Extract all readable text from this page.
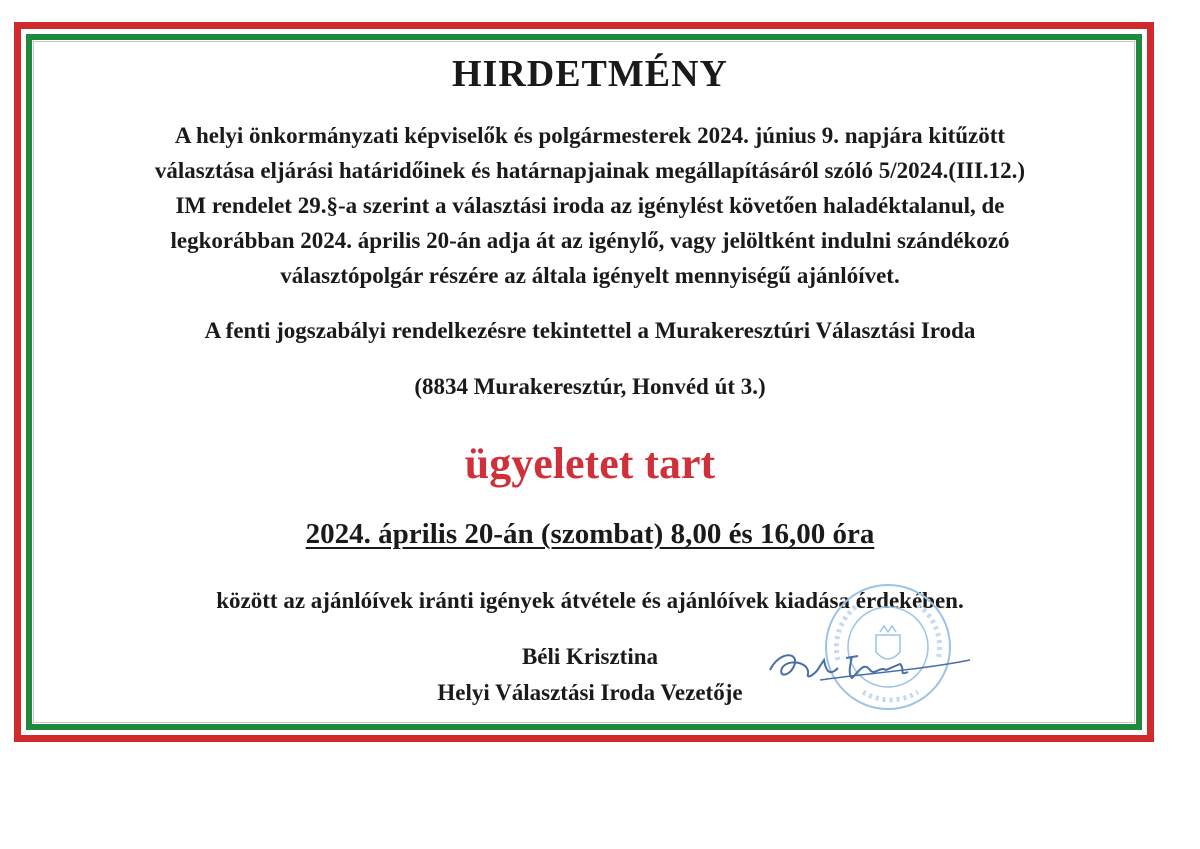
HIRDETMÉNY

A helyi önkormányzati képviselők és polgármesterek 2024. június 9. napjára kitűzött
választása eljárási határidőinek és határnapjainak megállapításáról szóló 5/2024.(III.12.)
IM rendelet 29.§-a szerint a választási iroda az igénylést követően haladéktalanul, de
legkorábban 2024. április 20-án adja át az igénylő, vagy jelöltként indulni szándékozó
választópolgár részére az általa igényelt mennyiségű ajánlóívet.

A fenti jogszabályi rendelkezésre tekintettel a Murakeresztúri Választási Iroda

(8834 Murakeresztúr, Honvéd út 3.)

ügyeletet tart

2024. április 20-án (szombat) 8,00 és 16,00 óra

között az ajánlóívek iránti igények átvétele és ajánlóívek kiadása érdekében.

Béli Krisztina

Helyi Választási Iroda Vezetője
